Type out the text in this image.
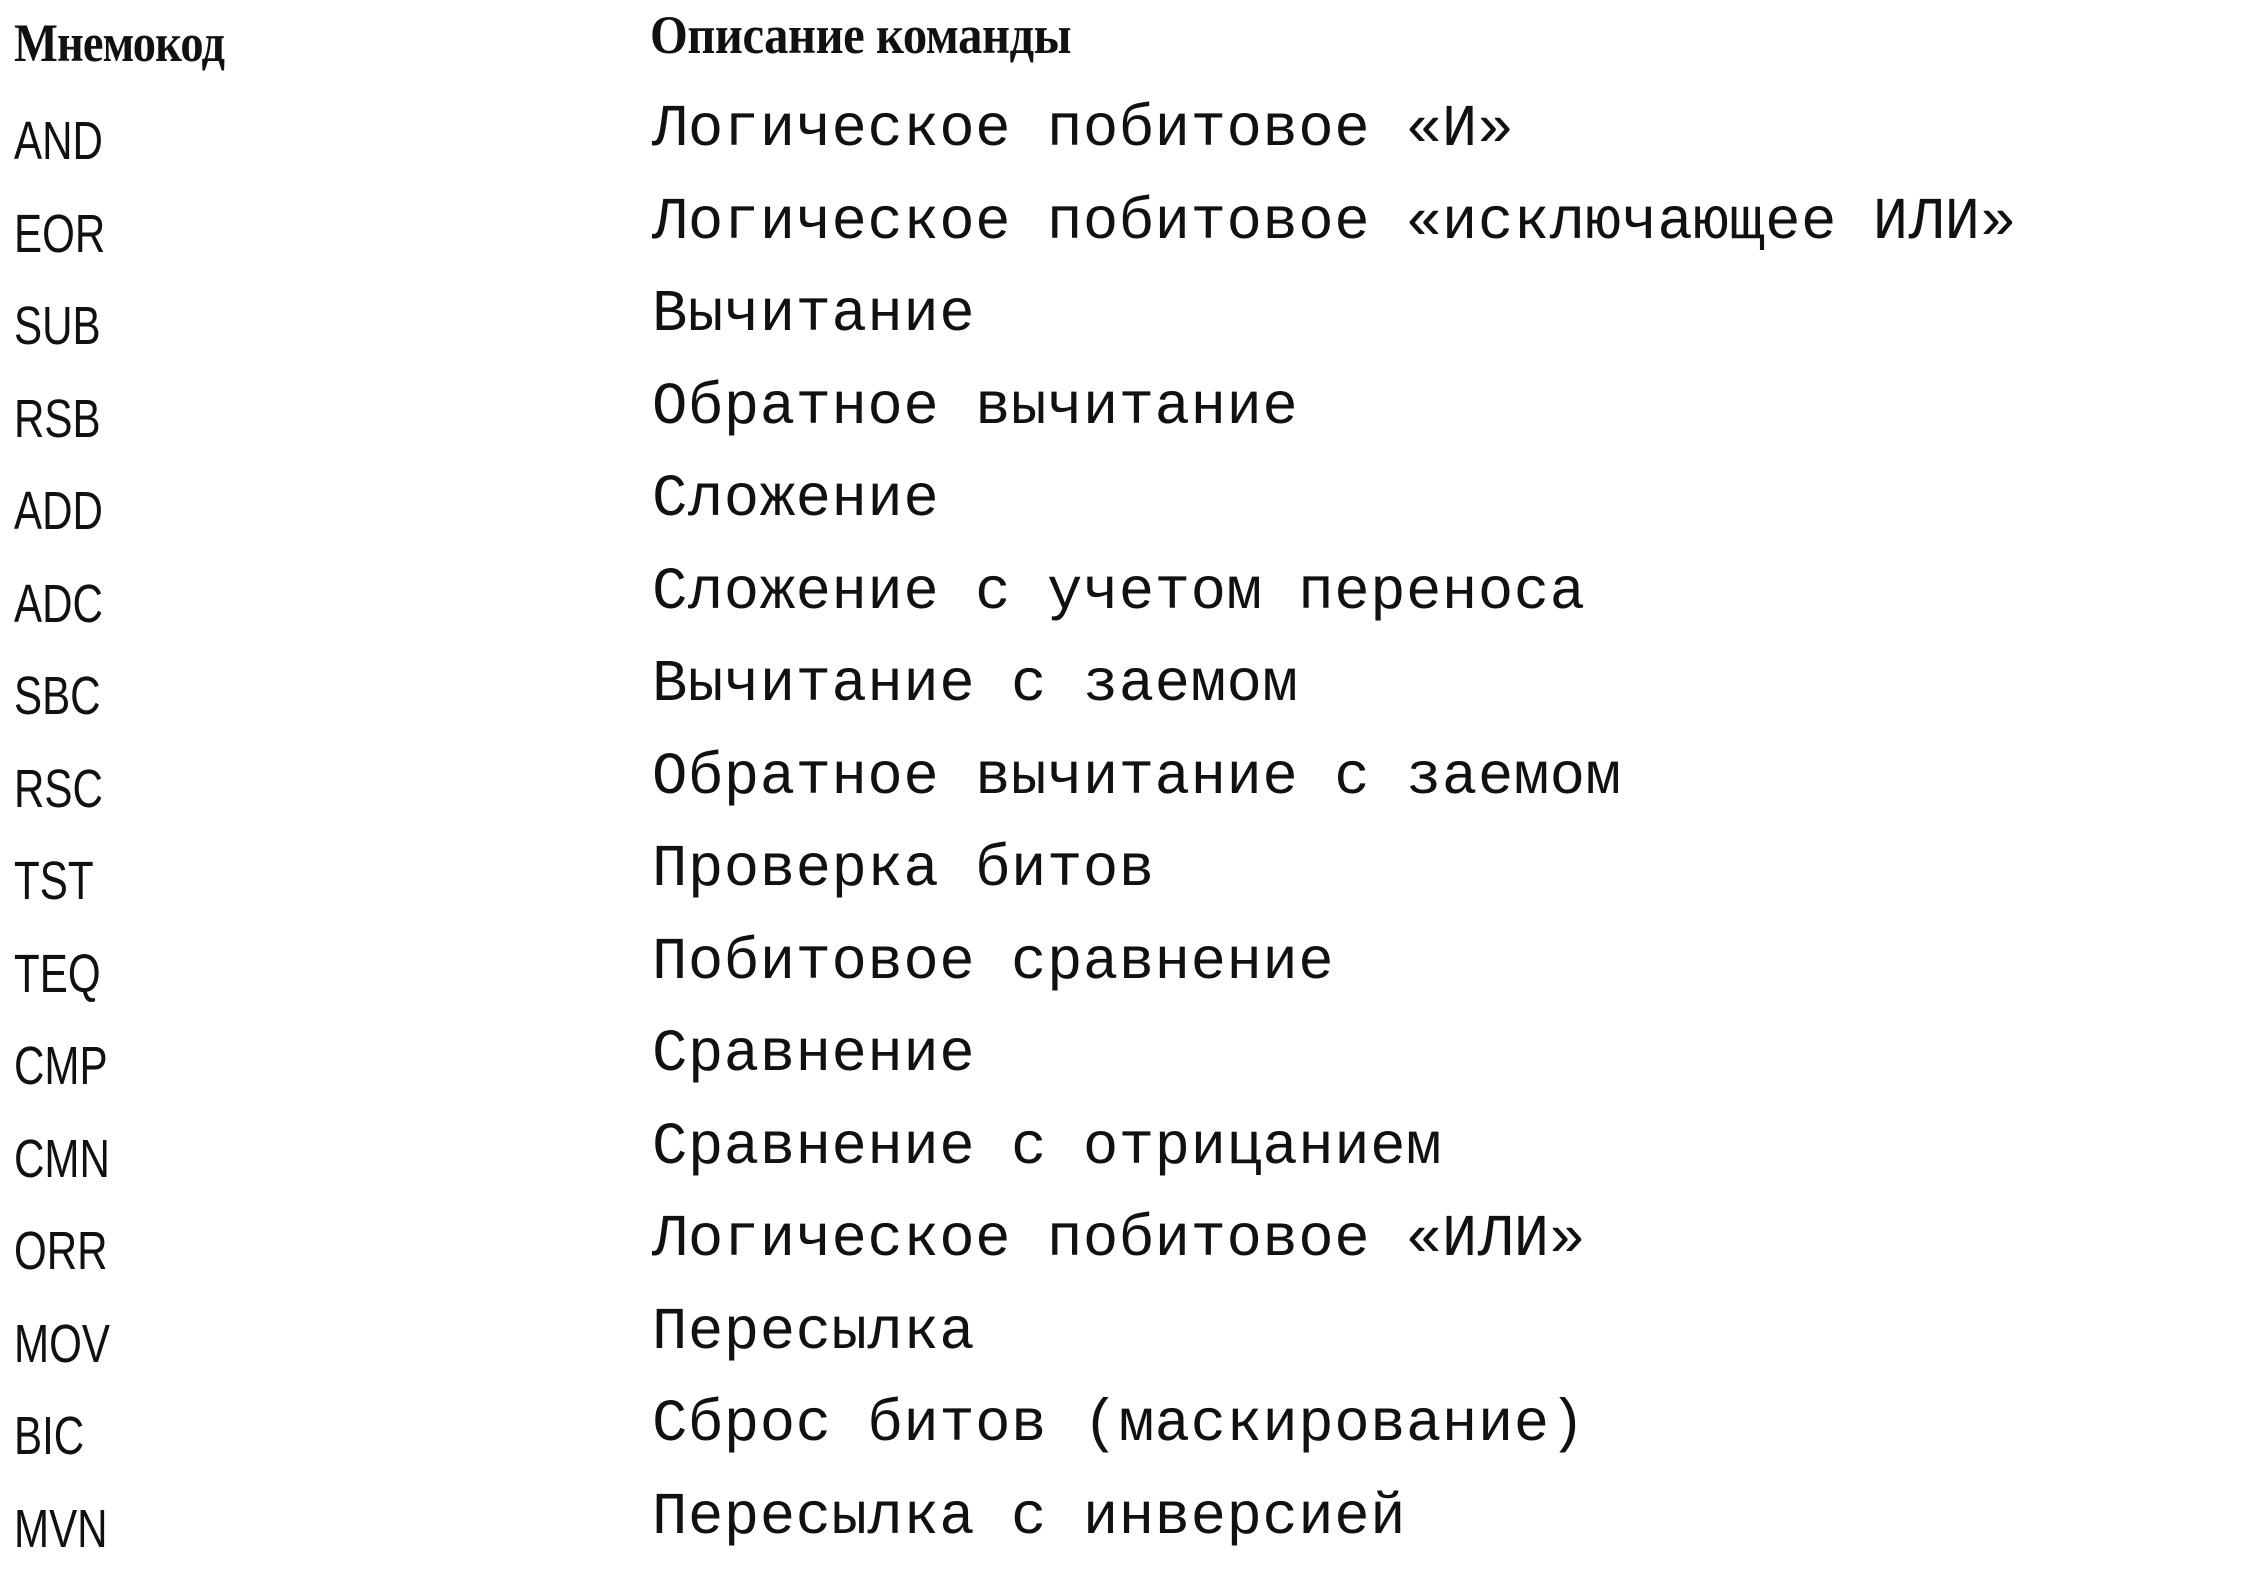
Мнемокод	Описание команды
AND	Логическое побитовое «И»
EOR	Логическое побитовое «исключающее ИЛИ»
SUB	Вычитание
RSB	Обратное вычитание
ADD	Сложение
ADC	Сложение с учетом переноса
SBC	Вычитание с заемом
RSC	Обратное вычитание с заемом
TST	Проверка битов
TEQ	Побитовое сравнение
CMP	Сравнение
CMN	Сравнение с отрицанием
ORR	Логическое побитовое «ИЛИ»
MOV	Пересылка
BIC	Сброс битов (маскирование)
MVN	Пересылка с инверсией
